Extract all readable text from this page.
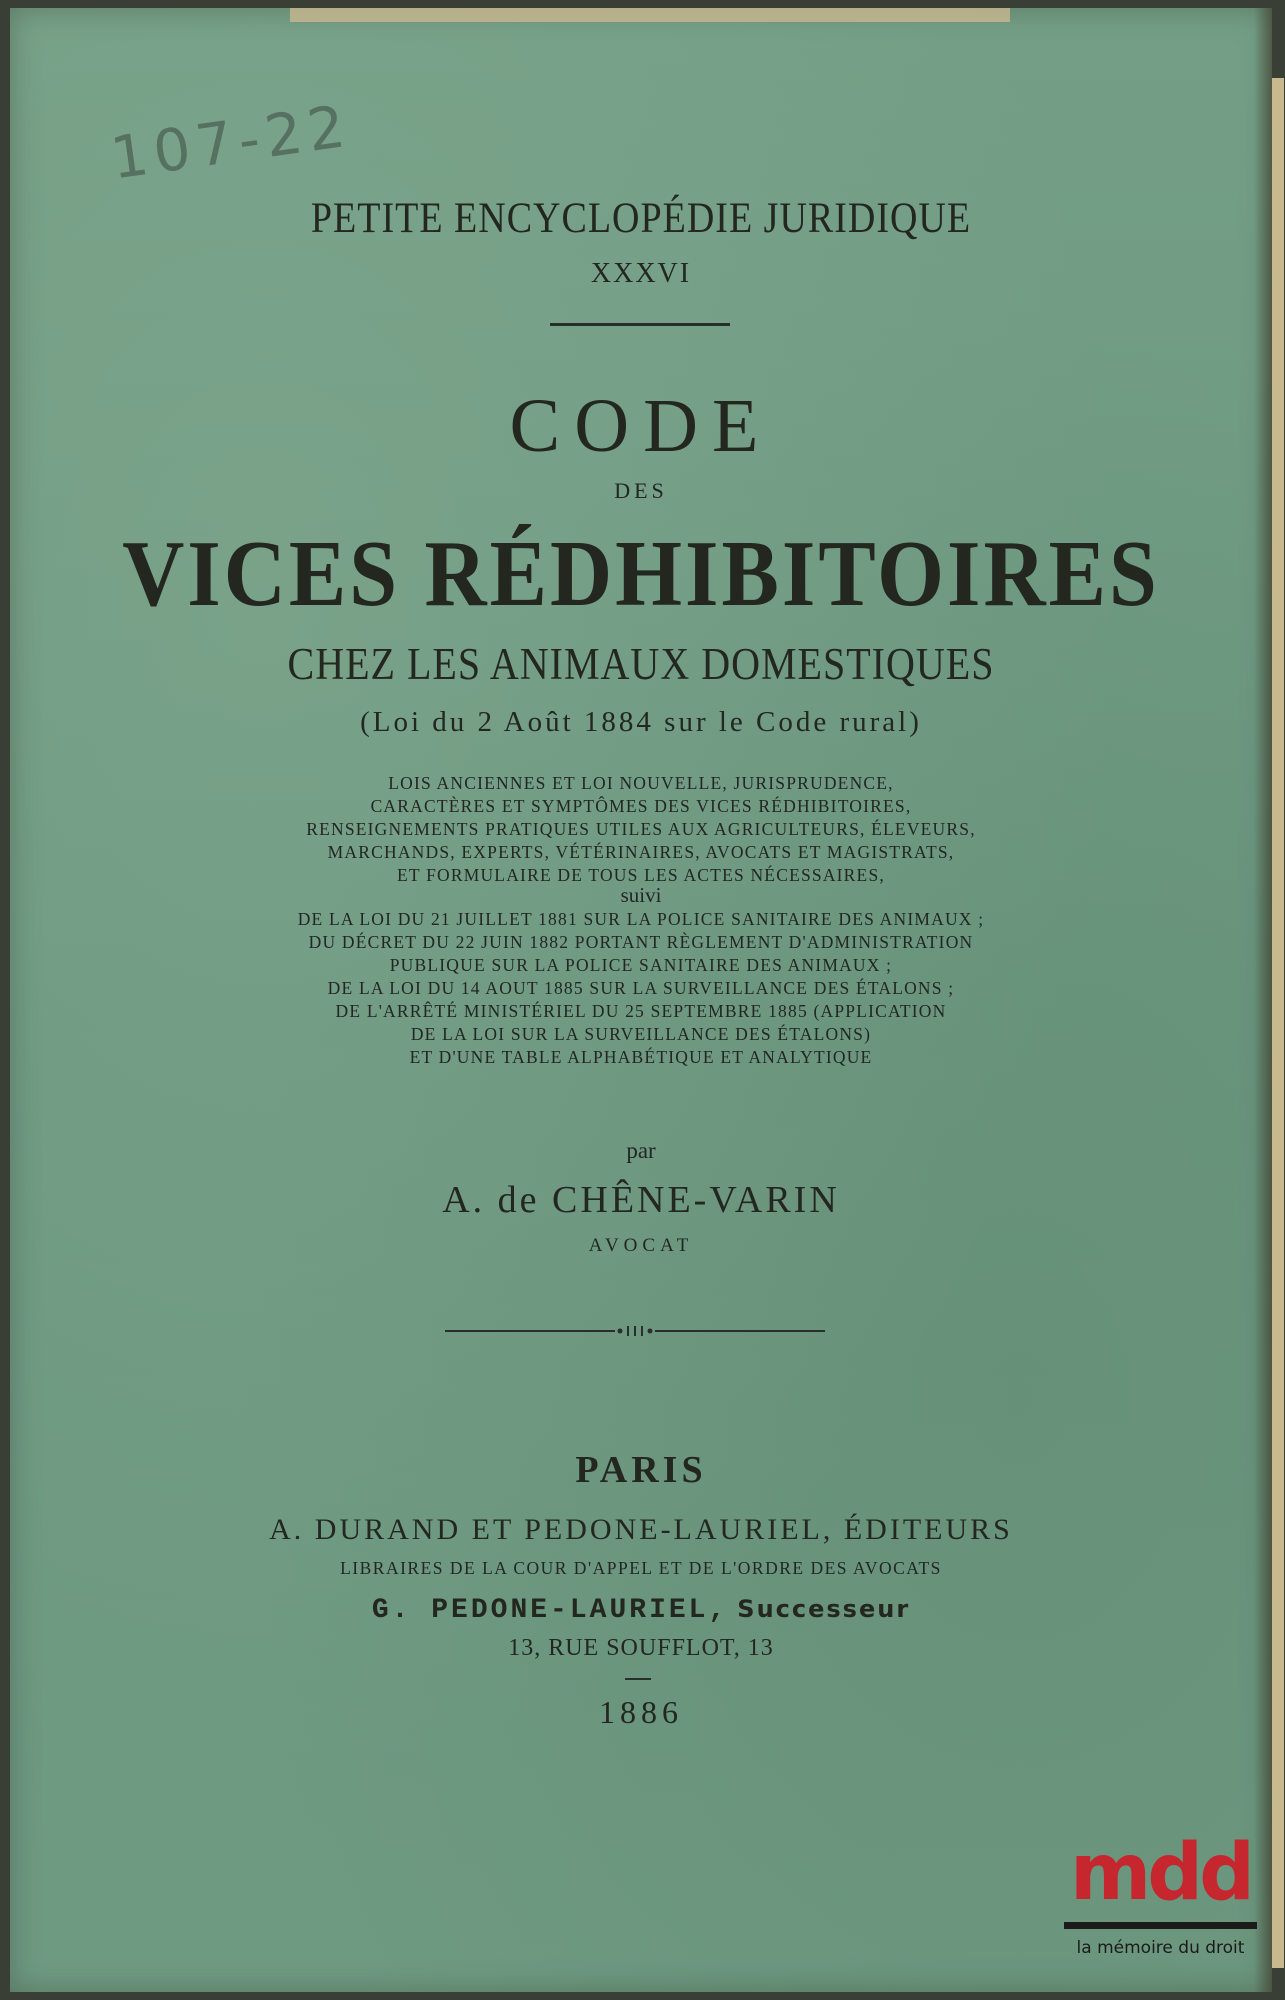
107-22
PETITE ENCYCLOPÉDIE JURIDIQUE
XXXVI
CODE
DES
VICES RÉDHIBITOIRES
CHEZ LES ANIMAUX DOMESTIQUES
(Loi du 2 Août 1884 sur le Code rural)
LOIS ANCIENNES ET LOI NOUVELLE, JURISPRUDENCE,
CARACTÈRES ET SYMPTÔMES DES VICES RÉDHIBITOIRES,
RENSEIGNEMENTS PRATIQUES UTILES AUX AGRICULTEURS, ÉLEVEURS,
MARCHANDS, EXPERTS, VÉTÉRINAIRES, AVOCATS ET MAGISTRATS,
ET FORMULAIRE DE TOUS LES ACTES NÉCESSAIRES,
suivi
DE LA LOI DU 21 JUILLET 1881 SUR LA POLICE SANITAIRE DES ANIMAUX ;
DU DÉCRET DU 22 JUIN 1882 PORTANT RÈGLEMENT D'ADMINISTRATION
PUBLIQUE SUR LA POLICE SANITAIRE DES ANIMAUX ;
DE LA LOI DU 14 AOUT 1885 SUR LA SURVEILLANCE DES ÉTALONS ;
DE L'ARRÊTÉ MINISTÉRIEL DU 25 SEPTEMBRE 1885 (APPLICATION
DE LA LOI SUR LA SURVEILLANCE DES ÉTALONS)
ET D'UNE TABLE ALPHABÉTIQUE ET ANALYTIQUE
par
A. de CHÊNE-VARIN
AVOCAT
PARIS
A. DURAND ET PEDONE-LAURIEL, ÉDITEURS
LIBRAIRES DE LA COUR D'APPEL ET DE L'ORDRE DES AVOCATS
G. PEDONE-LAURIEL, Successeur
13, RUE SOUFFLOT, 13
1886
mdd
la mémoire du droit
